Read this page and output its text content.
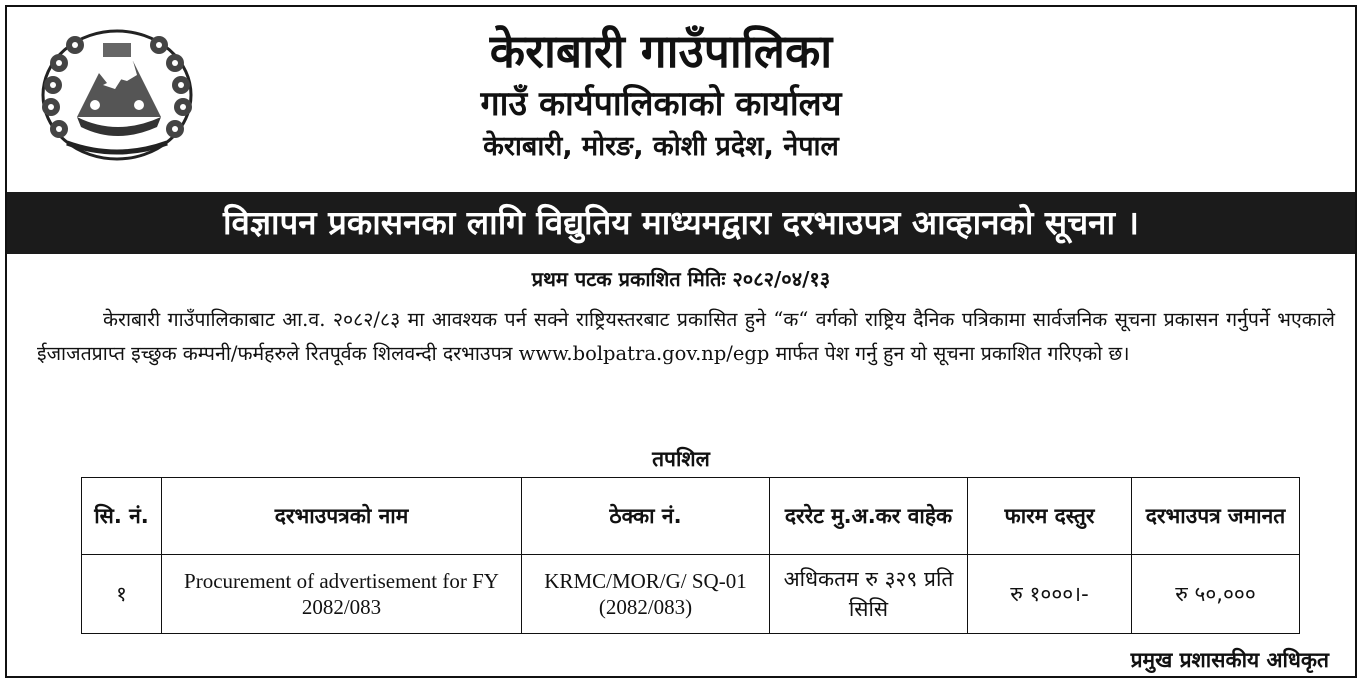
केराबारी गाउँपालिका
गाउँ कार्यपालिकाको कार्यालय
केराबारी, मोरङ, कोशी प्रदेश, नेपाल
विज्ञापन प्रकासनका लागि विद्युतिय माध्यमद्वारा दरभाउपत्र आव्हानको सूचना ।
प्रथम पटक प्रकाशित मितिः २०८२/०४/१३
केराबारी गाउँपालिकाबाट आ.व. २०८२/८३ मा आवश्यक पर्न सक्ने राष्ट्रियस्तरबाट प्रकासित हुने “क“ वर्गको राष्ट्रिय दैनिक पत्रिकामा सार्वजनिक सूचना प्रकासन गर्नुपर्ने भएकाले ईजाजतप्राप्त इच्छुक कम्पनी/फर्महरुले रितपूर्वक शिलवन्दी दरभाउपत्र www.bolpatra.gov.np/egp मार्फत पेश गर्नु हुन यो सूचना प्रकाशित गरिएको छ।
तपशिल
सि. नं.	दरभाउपत्रको नाम	ठेक्का नं.	दररेट मु.अ.कर वाहेक	फारम दस्तुर	दरभाउपत्र जमानत
१	Procurement of advertisement for FY 2082/083	KRMC/MOR/G/ SQ-01 (2082/083)	अधिकतम रु ३२९ प्रति सिसि	रु १०००।-	रु ५०,०००
प्रमुख प्रशासकीय अधिकृत
